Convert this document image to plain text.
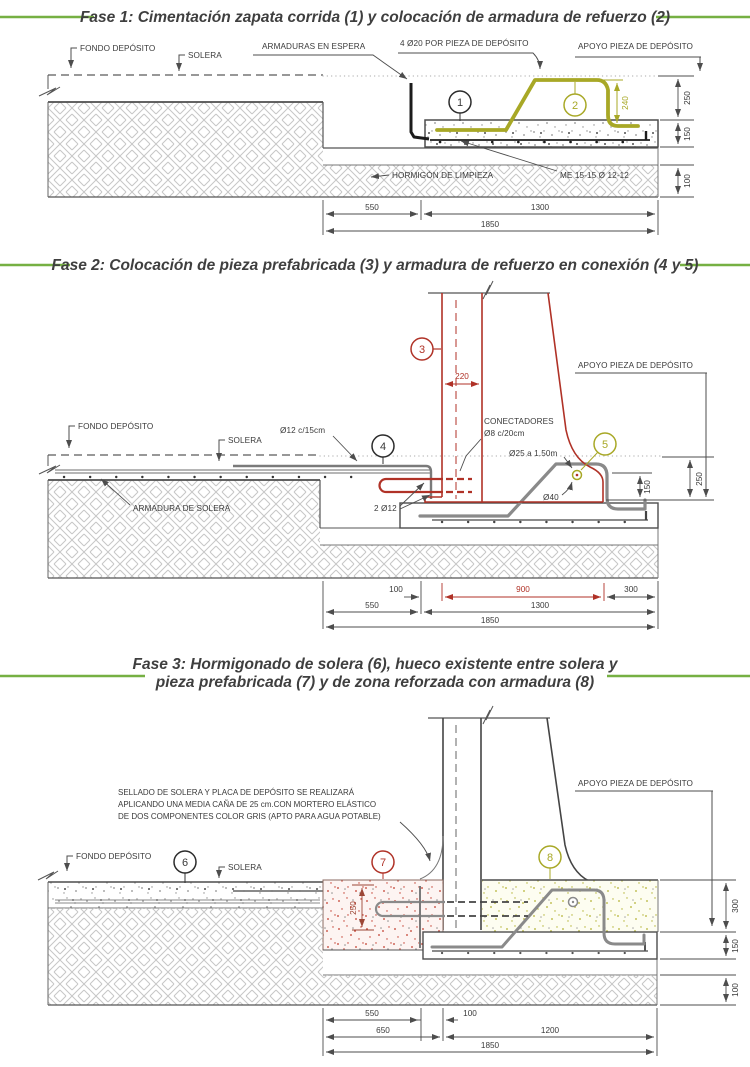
Fase 1: Cimentación zapata corrida (1) y colocación de armadura de refuerzo (2)
240	250
150
100
FONDO DEPÓSITO
SOLERA
ARMADURAS EN ESPERA	4 Ø20 POR PIEZA DE DEPÓSITO	APOYO PIEZA DE DEPÓSITO
HORMIGÓN DE LIMPIEZA	ME 15-15 Ø 12-12
1	2
550	1300
1850
Fase 2: Colocación de pieza prefabricada (3) y armadura de refuerzo en conexión (4 y 5)
220
150
250
FONDO DEPÓSITO
SOLERA
ARMADURA DE SOLERA
Ø12 c/15cm
2 Ø12
CONECTADORES
Ø8 c/20cm
Ø25 a 1.50m
Ø40
APOYO PIEZA DE DEPÓSITO
3
4	5
100	900	300
550	1300
1850
Fase 3: Hormigonado de solera (6), hueco existente entre solera y
pieza prefabricada (7) y de zona reforzada con armadura (8)
SELLADO DE SOLERA Y PLACA DE DEPÓSITO SE REALIZARÁ
APLICANDO UNA MEDIA CAÑA DE 25 cm.CON MORTERO ELÁSTICO
DE DOS COMPONENTES COLOR GRIS (APTO PARA AGUA POTABLE)
250
FONDO DEPÓSITO
SOLERA
APOYO PIEZA DE DEPÓSITO
6	7	8
300
150
100
550	100
650	1200
1850
